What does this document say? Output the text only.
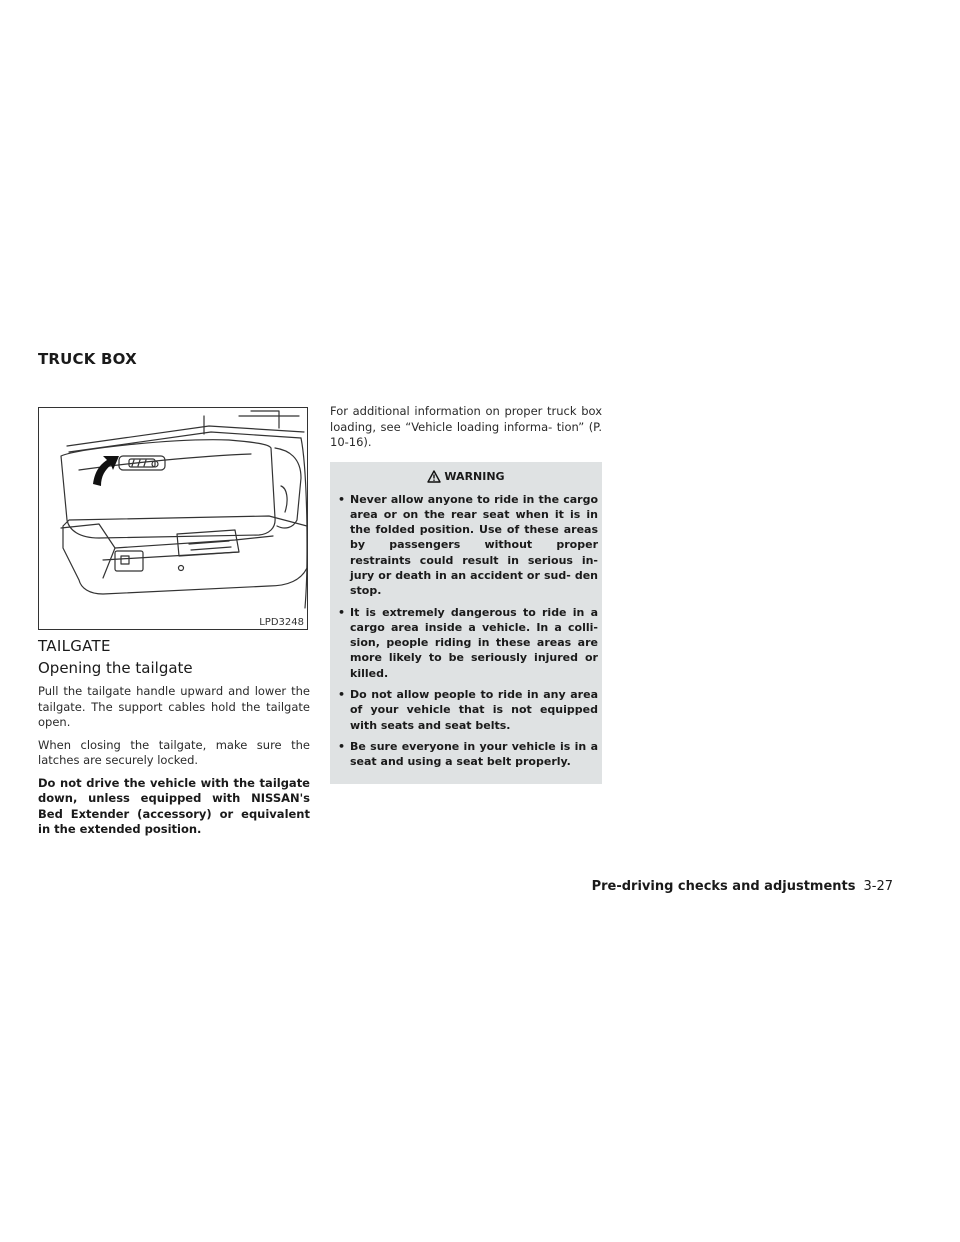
TRUCK BOX
LPD3248
TAILGATE
Opening the tailgate

Pull the tailgate handle upward and lower the tailgate. The support cables hold the tailgate open.

When closing the tailgate, make sure the latches are securely locked.

Do not drive the vehicle with the tailgate down, unless equipped with NISSAN's Bed Extender (accessory) or equivalent in the extended position.

For additional information on proper truck box loading, see “Vehicle loading informa- tion” (P. 10-16).

WARNING
• Never allow anyone to ride in the cargo area or on the rear seat when it is in the folded position. Use of these areas by passengers without proper restraints could result in serious in- jury or death in an accident or sud- den stop.
• It is extremely dangerous to ride in a cargo area inside a vehicle. In a colli- sion, people riding in these areas are more likely to be seriously injured or killed.
• Do not allow people to ride in any area of your vehicle that is not equipped with seats and seat belts.
• Be sure everyone in your vehicle is in a seat and using a seat belt properly.
Pre-driving checks and adjustments 3-27
